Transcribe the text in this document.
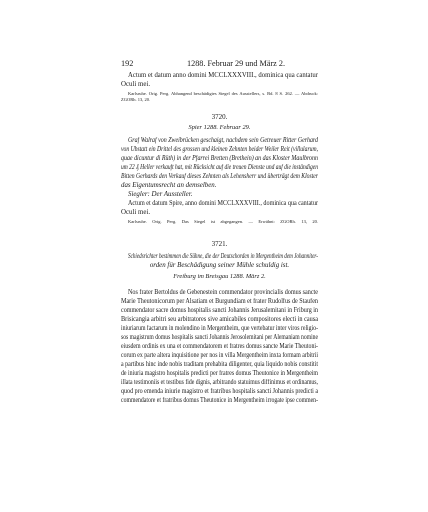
192	1288. Februar 29 und März 2.
Actum et datum anno domini MCCLXXXVIII., dominica qua cantatur
Oculi mei.
Karlsruhe. Orig. Perg. Abhangend beschädigtes Siegel des Ausstellers, s. Bd. 8 S. 262. — Abdruck:
ZGORh. 13, 20.
3720.
Spier 1288. Februar 29.
Graf Walraf von Zweibrücken geschaigt, nachdem sein Getreuer Ritter Gerhard
von Ubstatt ein Drittel des grossen und kleinen Zehnten beider Weiler Reit (villularum,
quae dicuntur di Rüth) in der Pfarrei Bretten (Brethein) an das Kloster Maulbronn
um 22 ₰ Heller verkauft hat, mit Rücksicht auf die treuen Dienste und auf die inständigen
Bitten Gerhards den Verkauf dieses Zehnten als Lehensherr und überträgt dem Kloster
das Eigentumsrecht an demselben.
Siegler: Der Aussteller.
Actum et datum Spire, anno domini MCCLXXXVIII., dominica qua cantatur
Oculi mei.
Karlsruhe. Orig. Perg. Das Siegel ist abgegangen. — Erwähnt: ZGORh. 13, 20.
3721.
Schiedsrichter bestimmen die Sühne, die der Deutschorden in Mergentheim dem Johanniter-
orden für Beschädigung seiner Mühle schuldig ist.
Freiburg im Breisgau 1288. März 2.
Nos frater Bertoldus de Gebenestein commendator provincialis domus sancte
Marie Theutonicorum per Alsatiam et Burgundiam et frater Rudolfus de Staufen
commendator sacre domus hospitalis sancti Johannis Jerusalemitani in Friburg in
Brisicangia arbitri seu arbitratores sive amicabiles compositores electi in causa
iniuriarum factarum in molendino in Mergentheim, que vertebatur inter viros religio-
sos magistrum domus hospitalis sancti Johannis Jerosolemitani per Alemaniam nomine
eiusdem ordinis ex una et commendatorem et fratres domus sancte Marie Theutoni-
corum ex parte altera inquisitione per nos in villa Mergentheim inxta formam arbitrii
a partibus hinc inde nobis traditam prehabita diligenter, quia liquido nobis constitit
de iniuria magistro hospitalis predicti per fratres domus Theutonice in Mergentheim
illata testimoniis et testibus fide dignis, arbitrando statuimus diffinimus et ordinamus,
quod pro emenda iniurie magistro et fratribus hospitalis sancti Johannis predicti a
commendatore et fratribus domus Theutonice in Mergentheim irrogate ipse commen-
